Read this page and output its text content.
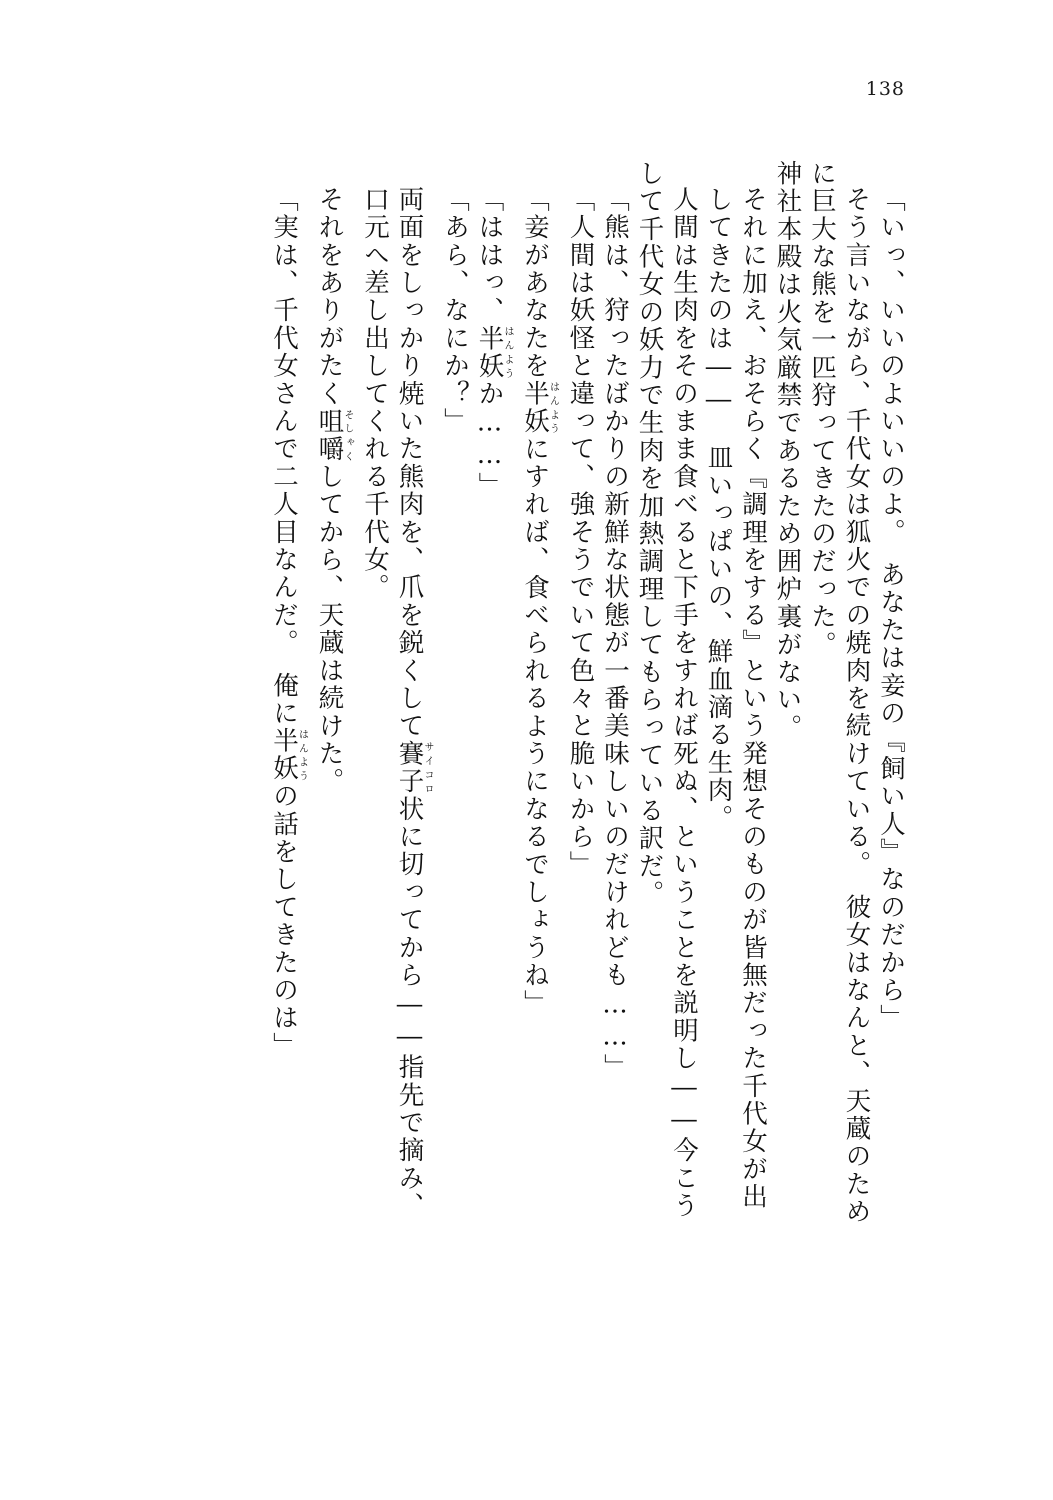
138
「いっ、いいのよいいのよ。　あなたは妾の『飼い人』なのだから」
そう言いながら、千代女は狐火での焼肉を続けている。　彼女はなんと、天蔵のため
に巨大な熊を一匹狩ってきたのだった。
神社本殿は火気厳禁であるため囲炉裏がない。
それに加え、おそらく『調理をする』という発想そのものが皆無だった千代女が出
してきたのは――　皿いっぱいの、鮮血滴る生肉。
人間は生肉をそのまま食べると下手をすれば死ぬ、ということを説明し――今こう
して千代女の妖力で生肉を加熱調理してもらっている訳だ。
「熊は、狩ったばかりの新鮮な状態が一番美味しいのだけれども……」
「人間は妖怪と違って、強そうでいて色々と脆いから」
「妾があなたを半妖はんようにすれば、食べられるようになるでしょうね」
「ははっ、半妖はんようか……」
「あら、なにか？」
両面をしっかり焼いた熊肉を、爪を鋭くして賽子サイコロ状に切ってから――指先で摘み、
口元へ差し出してくれる千代女。
それをありがたく咀嚼そしゃくしてから、天蔵は続けた。
「実は、千代女さんで二人目なんだ。　俺に半妖はんようの話をしてきたのは」
